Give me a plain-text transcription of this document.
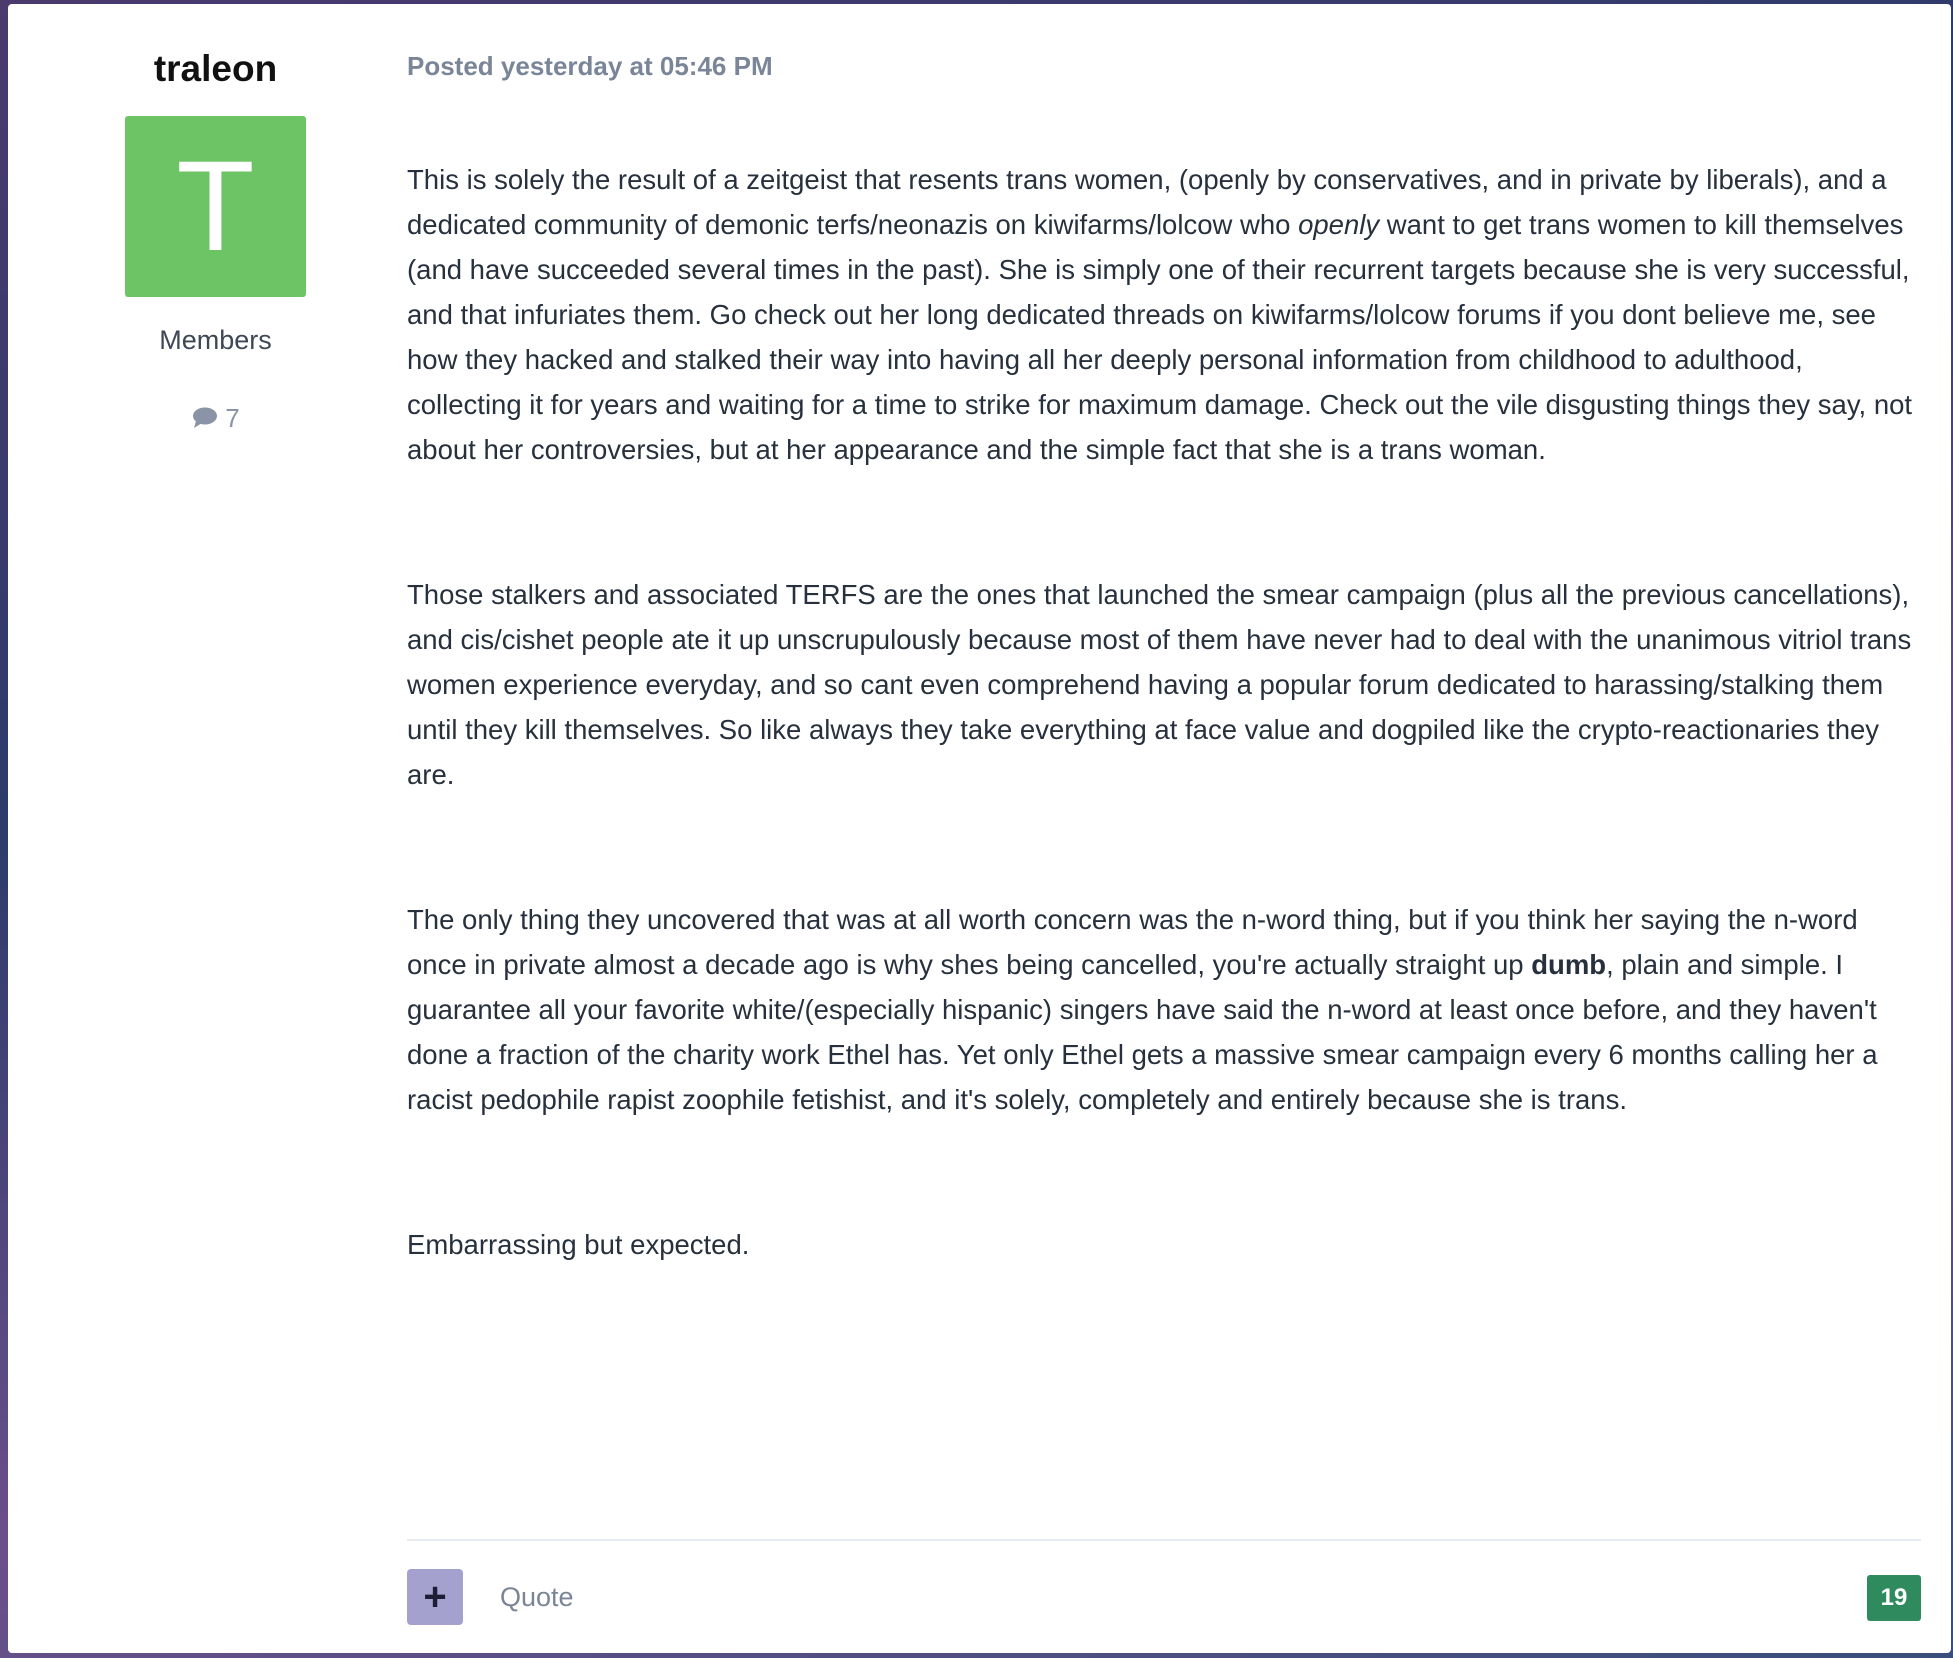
traleon
T
Members
7
Posted yesterday at 05:46 PM

This is solely the result of a zeitgeist that resents trans women, (openly by conservatives, and in private by liberals), and a dedicated community of demonic terfs/neonazis on kiwifarms/lolcow who openly want to get trans women to kill themselves (and have succeeded several times in the past). She is simply one of their recurrent targets because she is very successful, and that infuriates them. Go check out her long dedicated threads on kiwifarms/lolcow forums if you dont believe me, see how they hacked and stalked their way into having all her deeply personal information from childhood to adulthood, collecting it for years and waiting for a time to strike for maximum damage. Check out the vile disgusting things they say, not about her controversies, but at her appearance and the simple fact that she is a trans woman.

Those stalkers and associated TERFS are the ones that launched the smear campaign (plus all the previous cancellations), and cis/cishet people ate it up unscrupulously because most of them have never had to deal with the unanimous vitriol trans women experience everyday, and so cant even comprehend having a popular forum dedicated to harassing/stalking them until they kill themselves. So like always they take everything at face value and dogpiled like the crypto-reactionaries they are.

The only thing they uncovered that was at all worth concern was the n-word thing, but if you think her saying the n-word once in private almost a decade ago is why shes being cancelled, you're actually straight up dumb, plain and simple. I guarantee all your favorite white/(especially hispanic) singers have said the n-word at least once before, and they haven't done a fraction of the charity work Ethel has. Yet only Ethel gets a massive smear campaign every 6 months calling her a racist pedophile rapist zoophile fetishist, and it's solely, completely and entirely because she is trans.

Embarrassing but expected.

+	Quote	19
